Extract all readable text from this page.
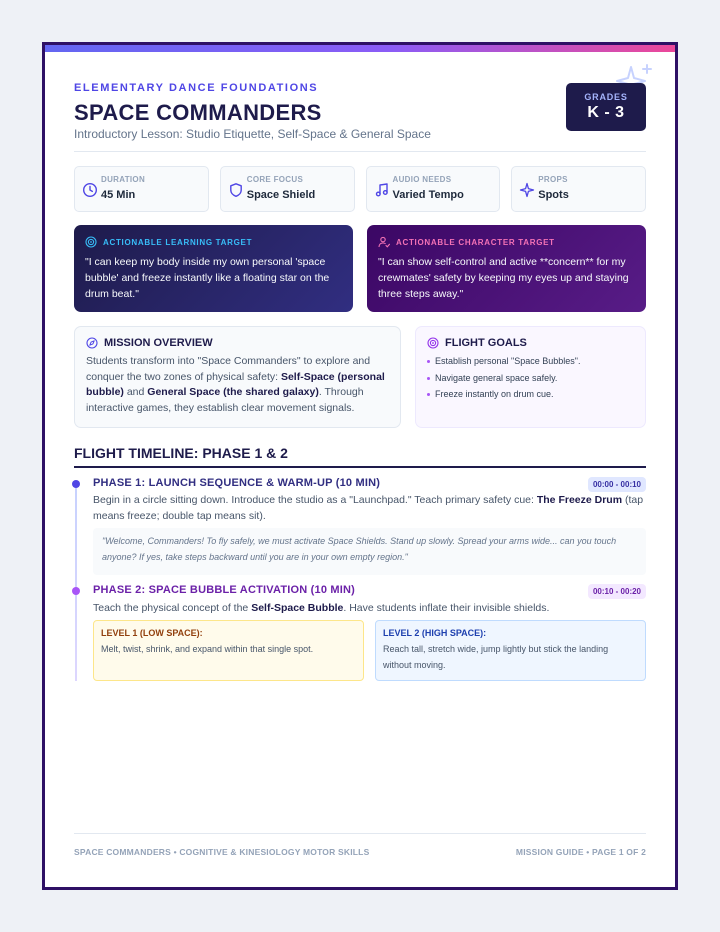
ELEMENTARY DANCE FOUNDATIONS
SPACE COMMANDERS
Introductory Lesson: Studio Etiquette, Self-Space & General Space
GRADES
K - 3
DURATION
45 Min
CORE FOCUS
Space Shield
AUDIO NEEDS
Varied Tempo
PROPS
Spots
ACTIONABLE LEARNING TARGET
"I can keep my body inside my own personal 'space bubble' and freeze instantly like a floating star on the drum beat."
ACTIONABLE CHARACTER TARGET
"I can show self-control and active **concern** for my crewmates' safety by keeping my eyes up and staying three steps away."
MISSION OVERVIEW
Students transform into "Space Commanders" to explore and conquer the two zones of physical safety: Self-Space (personal bubble) and General Space (the shared galaxy). Through interactive games, they establish clear movement signals.
FLIGHT GOALS
Establish personal "Space Bubbles".
Navigate general space safely.
Freeze instantly on drum cue.
FLIGHT TIMELINE: PHASE 1 & 2
PHASE 1: LAUNCH SEQUENCE & WARM-UP (10 MIN)	00:00 - 00:10
Begin in a circle sitting down. Introduce the studio as a "Launchpad." Teach primary safety cue: The Freeze Drum (tap means freeze; double tap means sit).
"Welcome, Commanders! To fly safely, we must activate Space Shields. Stand up slowly. Spread your arms wide... can you touch anyone? If yes, take steps backward until you are in your own empty region."
PHASE 2: SPACE BUBBLE ACTIVATION (10 MIN)	00:10 - 00:20
Teach the physical concept of the Self-Space Bubble. Have students inflate their invisible shields.
LEVEL 1 (LOW SPACE):
Melt, twist, shrink, and expand within that single spot.
LEVEL 2 (HIGH SPACE):
Reach tall, stretch wide, jump lightly but stick the landing without moving.
SPACE COMMANDERS • COGNITIVE & KINESIOLOGY MOTOR SKILLS	MISSION GUIDE • PAGE 1 OF 2
